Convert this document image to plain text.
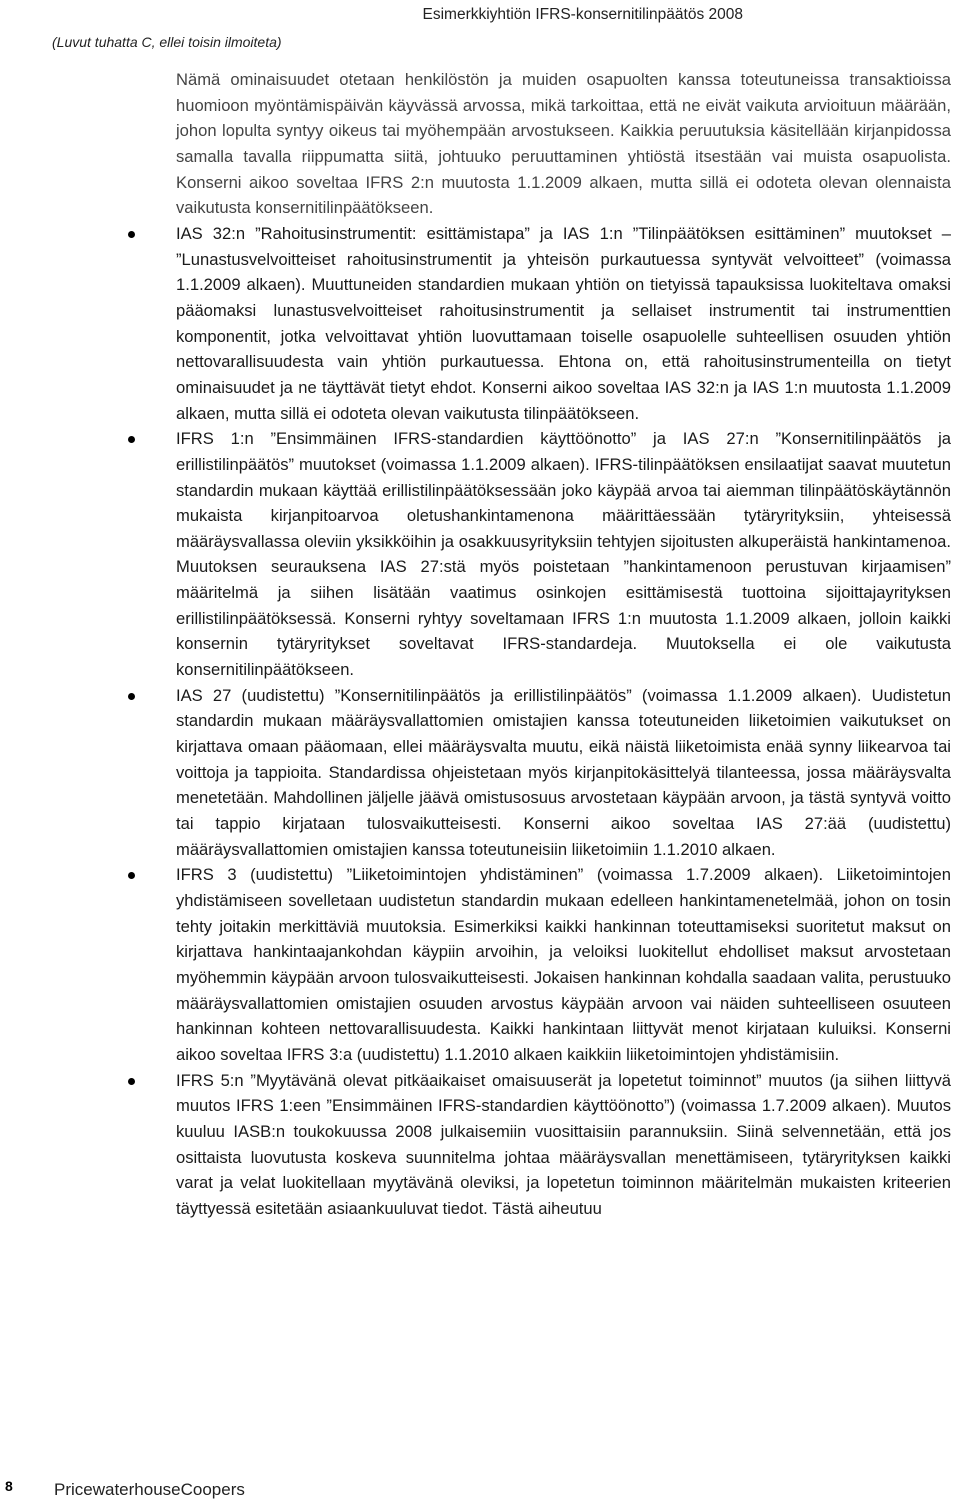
(Luvut tuhatta C, ellei toisin ilmoiteta)
Esimerkkiyhtiön IFRS-konsernitilinpäätös 2008

Nämä ominaisuudet otetaan henkilöstön ja muiden osapuolten kanssa toteutuneissa transaktioissa huomioon myöntämispäivän käyvässä arvossa, mikä tarkoittaa, että ne eivät vaikuta arvioituun määrään, johon lopulta syntyy oikeus tai myöhempään arvostukseen. Kaikkia peruutuksia käsitellään kirjanpidossa samalla tavalla riippumatta siitä, johtuuko peruuttaminen yhtiöstä itsestään vai muista osapuolista. Konserni aikoo soveltaa IFRS 2:n muutosta 1.1.2009 alkaen, mutta sillä ei odoteta olevan olennaista vaikutusta konsernitilinpäätökseen.

IAS 32:n ”Rahoitusinstrumentit: esittämistapa” ja IAS 1:n ”Tilinpäätöksen esittäminen” muutokset – ”Lunastusvelvoitteiset rahoitusinstrumentit ja yhteisön purkautuessa syntyvät velvoitteet” (voimassa 1.1.2009 alkaen). Muuttuneiden standardien mukaan yhtiön on tietyissä tapauksissa luokiteltava omaksi pääomaksi lunastusvelvoitteiset rahoitusinstrumentit ja sellaiset instrumentit tai instrumenttien komponentit, jotka velvoittavat yhtiön luovuttamaan toiselle osapuolelle suhteellisen osuuden yhtiön nettovarallisuudesta vain yhtiön purkautuessa. Ehtona on, että rahoitusinstrumenteilla on tietyt ominaisuudet ja ne täyttävät tietyt ehdot. Konserni aikoo soveltaa IAS 32:n ja IAS 1:n muutosta 1.1.2009 alkaen, mutta sillä ei odoteta olevan vaikutusta tilinpäätökseen.

IFRS 1:n ”Ensimmäinen IFRS-standardien käyttöönotto” ja IAS 27:n ”Konsernitilinpäätös ja erillistilinpäätös” muutokset (voimassa 1.1.2009 alkaen). IFRS-tilinpäätöksen ensilaatijat saavat muutetun standardin mukaan käyttää erillistilinpäätöksessään joko käypää arvoa tai aiemman tilinpäätöskäytännön mukaista kirjanpitoarvoa oletushankintamenona määrittäessään tytäryrityksiin, yhteisessä määräysvallassa oleviin yksikköihin ja osakkuusyrityksiin tehtyjen sijoitusten alkuperäistä hankintamenoa. Muutoksen seurauksena IAS 27:stä myös poistetaan ”hankintamenoon perustuvan kirjaamisen” määritelmä ja siihen lisätään vaatimus osinkojen esittämisestä tuottoina sijoittajayrityksen erillistilinpäätöksessä. Konserni ryhtyy soveltamaan IFRS 1:n muutosta 1.1.2009 alkaen, jolloin kaikki konsernin tytäryritykset soveltavat IFRS-standardeja. Muutoksella ei ole vaikutusta konsernitilinpäätökseen.

IAS 27 (uudistettu) ”Konsernitilinpäätös ja erillistilinpäätös” (voimassa 1.1.2009 alkaen). Uudistetun standardin mukaan määräysvallattomien omistajien kanssa toteutuneiden liiketoimien vaikutukset on kirjattava omaan pääomaan, ellei määräysvalta muutu, eikä näistä liiketoimista enää synny liikearvoa tai voittoja ja tappioita. Standardissa ohjeistetaan myös kirjanpitokäsittelyä tilanteessa, jossa määräysvalta menetetään. Mahdollinen jäljelle jäävä omistusosuus arvostetaan käypään arvoon, ja tästä syntyvä voitto tai tappio kirjataan tulosvaikutteisesti. Konserni aikoo soveltaa IAS 27:ää (uudistettu) määräysvallattomien omistajien kanssa toteutuneisiin liiketoimiin 1.1.2010 alkaen.

IFRS 3 (uudistettu) ”Liiketoimintojen yhdistäminen” (voimassa 1.7.2009 alkaen). Liiketoimintojen yhdistämiseen sovelletaan uudistetun standardin mukaan edelleen hankintamenetelmää, johon on tosin tehty joitakin merkittäviä muutoksia. Esimerkiksi kaikki hankinnan toteuttamiseksi suoritetut maksut on kirjattava hankintaajankohdan käypiin arvoihin, ja veloiksi luokitellut ehdolliset maksut arvostetaan myöhemmin käypään arvoon tulosvaikutteisesti. Jokaisen hankinnan kohdalla saadaan valita, perustuuko määräysvallattomien omistajien osuuden arvostus käypään arvoon vai näiden suhteelliseen osuuteen hankinnan kohteen nettovarallisuudesta. Kaikki hankintaan liittyvät menot kirjataan kuluiksi. Konserni aikoo soveltaa IFRS 3:a (uudistettu) 1.1.2010 alkaen kaikkiin liiketoimintojen yhdistämisiin.

IFRS 5:n ”Myytävänä olevat pitkäaikaiset omaisuuserät ja lopetetut toiminnot” muutos (ja siihen liittyvä muutos IFRS 1:een ”Ensimmäinen IFRS-standardien käyttöönotto”) (voimassa 1.7.2009 alkaen). Muutos kuuluu IASB:n toukokuussa 2008 julkaisemiin vuosittaisiin parannuksiin. Siinä selvennetään, että jos osittaista luovutusta koskeva suunnitelma johtaa määräysvallan menettämiseen, tytäryrityksen kaikki varat ja velat luokitellaan myytävänä oleviksi, ja lopetetun toiminnon määritelmän mukaisten kriteerien täyttyessä esitetään asiaankuuluvat tiedot. Tästä aiheutuu

8 PricewaterhouseCoopers
